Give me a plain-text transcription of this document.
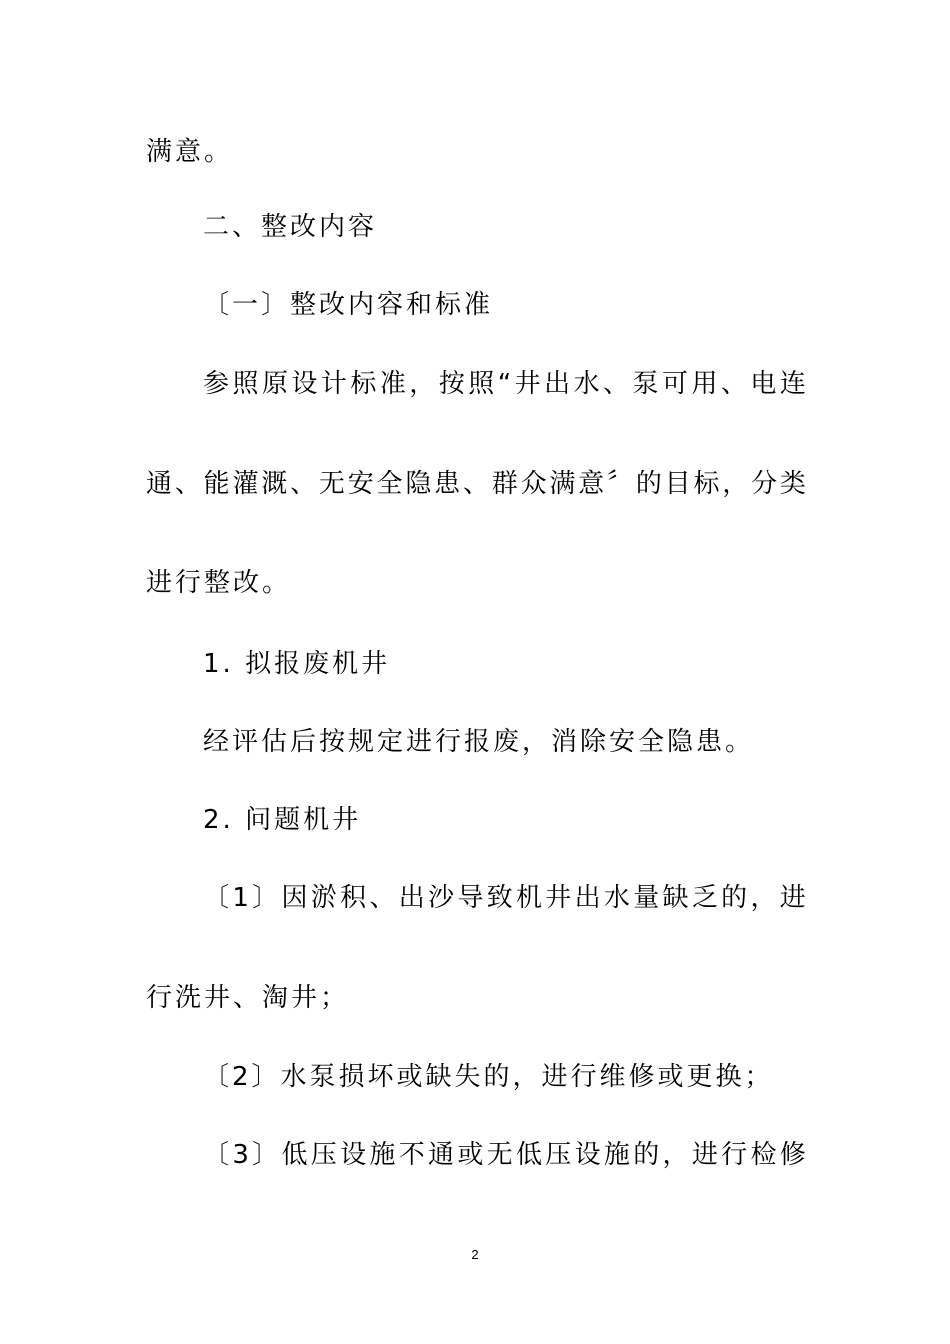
满意。
二、整改内容
〔一〕整改内容和标准
参 照 原 设 计 标 准 ， 按 照 “ 井 出 水 、 泵 可 用 、 电 连
通 、 能 灌 溉 、 无 安 全 隐 患 、 群 众 满 意 〞 的 目 标 ， 分 类
进行整改。
1. 拟报废机井
经评估后按规定进行报废，消除安全隐患。
2. 问题机井
〔 1 〕 因 淤 积 、 出 沙 导 致 机 井 出 水 量 缺 乏 的 ， 进
行洗井、淘井；
〔2〕水泵损坏或缺失的，进行维修或更换；
〔 3 〕 低 压 设 施 不 通 或 无 低 压 设 施 的 ， 进 行 检 修
2
